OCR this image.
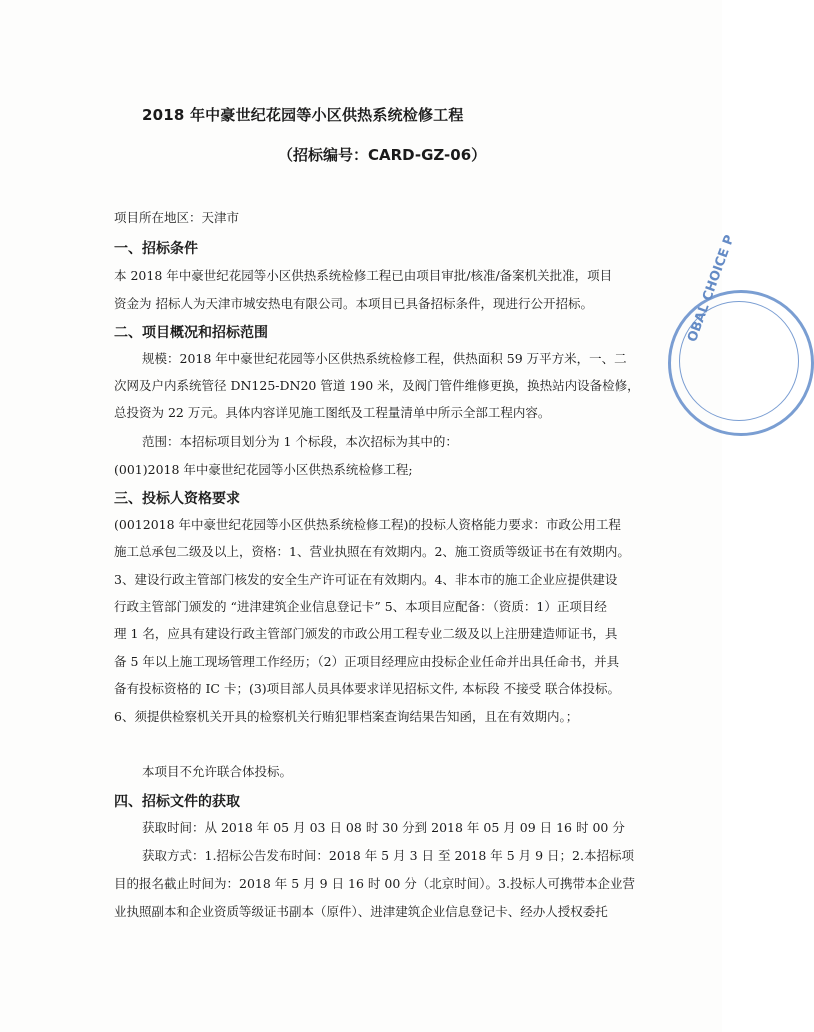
2018 年中豪世纪花园等小区供热系统检修工程
（招标编号：CARD-GZ-06）
项目所在地区：天津市
一、招标条件
本 2018 年中豪世纪花园等小区供热系统检修工程已由项目审批/核准/备案机关批准，项目
资金为 招标人为天津市城安热电有限公司。本项目已具备招标条件，现进行公开招标。
二、项目概况和招标范围
规模：2018 年中豪世纪花园等小区供热系统检修工程，供热面积 59 万平方米，一、二
次网及户内系统管径 DN125-DN20 管道 190 米，及阀门管件维修更换，换热站内设备检修，
总投资为 22 万元。具体内容详见施工图纸及工程量清单中所示全部工程内容。
范围：本招标项目划分为 1 个标段，本次招标为其中的：
(001)2018 年中豪世纪花园等小区供热系统检修工程;
三、投标人资格要求
(0012018 年中豪世纪花园等小区供热系统检修工程)的投标人资格能力要求：市政公用工程
施工总承包二级及以上，资格：1、营业执照在有效期内。2、施工资质等级证书在有效期内。
3、建设行政主管部门核发的安全生产许可证在有效期内。4、非本市的施工企业应提供建设
行政主管部门颁发的 “进津建筑企业信息登记卡” 5、本项目应配备：（资质：1）正项目经
理 1 名，应具有建设行政主管部门颁发的市政公用工程专业二级及以上注册建造师证书，具
备 5 年以上施工现场管理工作经历；（2）正项目经理应由投标企业任命并出具任命书，并具
备有投标资格的 IC 卡；(3)项目部人员具体要求详见招标文件, 本标段 不接受 联合体投标。
6、须提供检察机关开具的检察机关行贿犯罪档案查询结果告知函，且在有效期内。；
本项目不允许联合体投标。
四、招标文件的获取
获取时间：从 2018 年 05 月 03 日 08 时 30 分到 2018 年 05 月 09 日 16 时 00 分
获取方式：1.招标公告发布时间：2018 年 5 月 3 日 至 2018 年 5 月 9 日；2.本招标项
目的报名截止时间为：2018 年 5 月 9 日 16 时 00 分（北京时间）。3.投标人可携带本企业营
业执照副本和企业资质等级证书副本（原件）、进津建筑企业信息登记卡、经办人授权委托
OBAL CHOICE P
